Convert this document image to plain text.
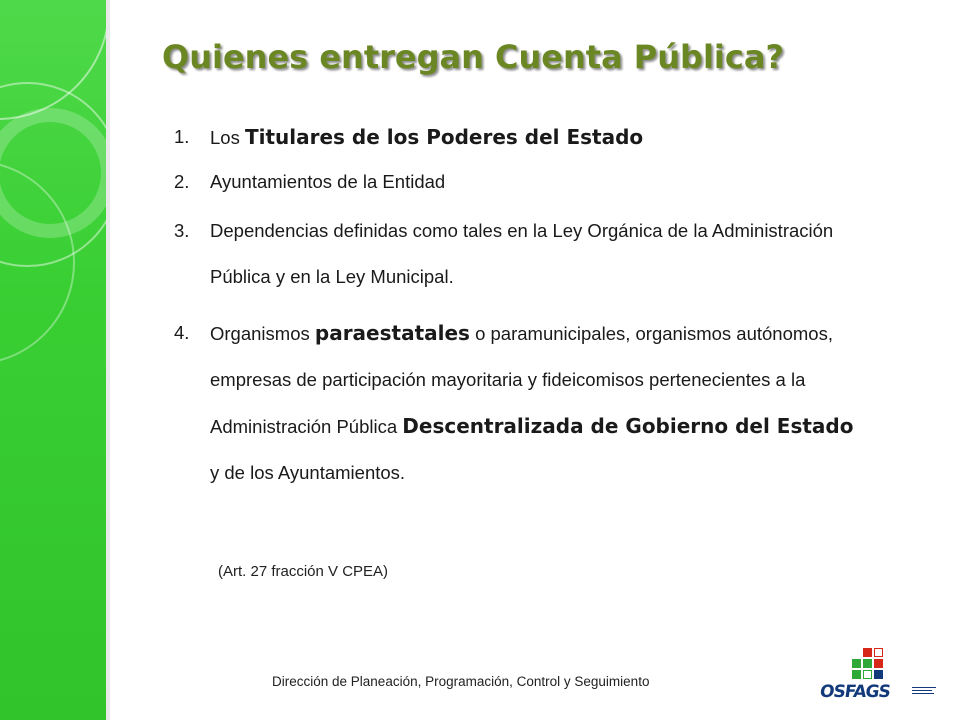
Quienes entregan Cuenta Pública?
1. Los Titulares de los Poderes del Estado
2. Ayuntamientos de la Entidad
3. Dependencias definidas como tales en la Ley Orgánica de la Administración Pública y en la Ley Municipal.
4. Organismos paraestatales o paramunicipales, organismos autónomos, empresas de participación mayoritaria y fideicomisos pertenecientes a la Administración Pública Descentralizada de Gobierno del Estado y de los Ayuntamientos.
(Art. 27 fracción V CPEA)
Dirección de Planeación, Programación, Control y Seguimiento
OSFAGS
